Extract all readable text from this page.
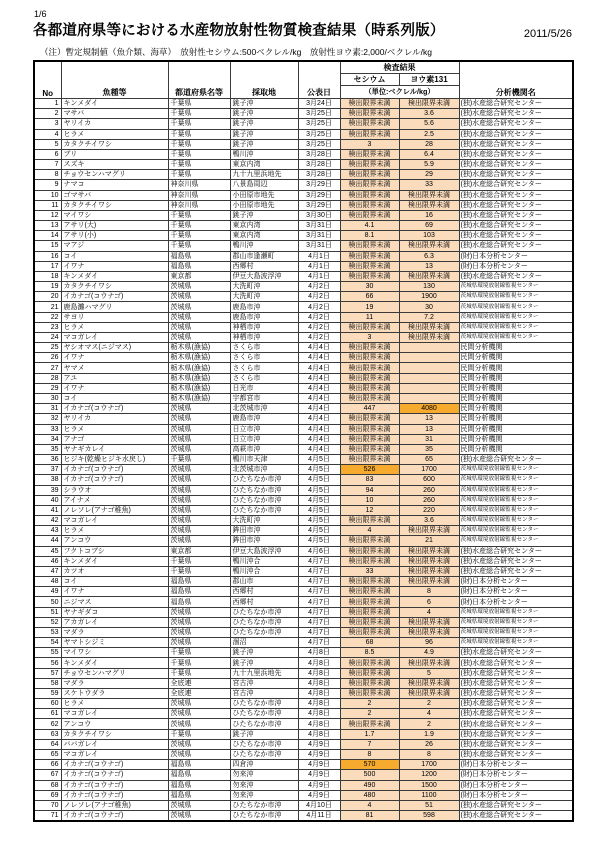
1/6
各都道府県等における水産物放射性物質検査結果（時系列版）	2011/5/26
（注）暫定規制値（魚介類、海草）　放射性セシウム:500ベクレル/kg　放射性ヨウ素:2,000/ベクレル/kg
No	魚種等	都道府県名等	採取地	公表日	検査結果		分析機関名
					セシウム	ヨウ素131	
					（単位:ベクレル/kg）		
1	キンメダイ	千葉県	銚子沖	3月24日	検出限界未満	検出限界未満	(独)水産総合研究センター
2	マサバ	千葉県	銚子沖	3月25日	検出限界未満	3.6	(独)水産総合研究センター
3	ヤリイカ	千葉県	銚子沖	3月25日	検出限界未満	5.6	(独)水産総合研究センター
4	ヒラメ	千葉県	銚子沖	3月25日	検出限界未満	2.5	(独)水産総合研究センター
5	カタクチイワシ	千葉県	銚子沖	3月25日	3	28	(独)水産総合研究センター
6	ブリ	千葉県	鴨川沖	3月28日	検出限界未満	6.4	(独)水産総合研究センター
7	スズキ	千葉県	東京内湾	3月28日	検出限界未満	5.9	(独)水産総合研究センター
8	チョウセンハマグリ	千葉県	九十九里浜地先	3月28日	検出限界未満	29	(独)水産総合研究センター
9	ナマコ	神奈川県	八景島周辺	3月29日	検出限界未満	33	(独)水産総合研究センター
10	ゴマサバ	神奈川県	小田原市地先	3月29日	検出限界未満	検出限界未満	(独)水産総合研究センター
11	カタクチイワシ	神奈川県	小田原市地先	3月29日	検出限界未満	検出限界未満	(独)水産総合研究センター
12	マイワシ	千葉県	銚子沖	3月30日	検出限界未満	16	(独)水産総合研究センター
13	アサリ(大)	千葉県	東京内湾	3月31日	4.1	69	(独)水産総合研究センター
14	アサリ(小)	千葉県	東京内湾	3月31日	8.1	103	(独)水産総合研究センター
15	マアジ	千葉県	鴨川沖	3月31日	検出限界未満	検出限界未満	(独)水産総合研究センター
16	コイ	福島県	郡山市逢瀬町	4月1日	検出限界未満	6.3	(財)日本分析センター
17	イワナ	福島県	西郷村	4月1日	検出限界未満	13	(財)日本分析センター
18	キンメダイ	東京都	伊豆大島波浮沖	4月1日	検出限界未満	検出限界未満	(独)水産総合研究センター
19	カタクチイワシ	茨城県	大洗町沖	4月2日	30	130	茨城県環境放射線監視センター
20	イカナゴ(コウナゴ)	茨城県	大洗町沖	4月2日	66	1900	茨城県環境放射線監視センター
21	鹿島灘ハマグリ	茨城県	鹿島市沖	4月2日	19	30	茨城県環境放射線監視センター
22	サヨリ	茨城県	鹿島市沖	4月2日	11	7.2	茨城県環境放射線監視センター
23	ヒラメ	茨城県	神栖市沖	4月2日	検出限界未満	検出限界未満	茨城県環境放射線監視センター
24	マコガレイ	茨城県	神栖市沖	4月2日	3	検出限界未満	茨城県環境放射線監視センター
25	ヤシオマス(ニジマス)	栃木県(漁協)	さくら市	4月4日	検出限界未満		民間分析機関
26	イワナ	栃木県(漁協)	さくら市	4月4日	検出限界未満		民間分析機関
27	ヤマメ	栃木県(漁協)	さくら市	4月4日	検出限界未満		民間分析機関
28	アユ	栃木県(漁協)	さくら市	4月4日	検出限界未満		民間分析機関
29	イワナ	栃木県(漁協)	日光市	4月4日	検出限界未満		民間分析機関
30	コイ	栃木県(漁協)	宇都宮市	4月4日	検出限界未満		民間分析機関
31	イカナゴ(コウナゴ)	茨城県	北茨城市沖	4月4日	447	4080	民間分析機関
32	ヤリイカ	茨城県	鹿島市沖	4月4日	検出限界未満	13	民間分析機関
33	ヒラメ	茨城県	日立市沖	4月4日	検出限界未満	13	民間分析機関
34	アナゴ	茨城県	日立市沖	4月4日	検出限界未満	31	民間分析機関
35	ヤナギカレイ	茨城県	高萩市沖	4月4日	検出限界未満	35	民間分析機関
36	ヒジキ(乾燥ヒジキ水戻し)	千葉県	鴨川市天津	4月5日	検出限界未満	65	(独)水産総合研究センター
37	イカナゴ(コウナゴ)	茨城県	北茨城市沖	4月5日	526	1700	茨城県環境放射線監視センター
38	イカナゴ(コウナゴ)	茨城県	ひたちなか市沖	4月5日	83	600	茨城県環境放射線監視センター
39	シラウオ	茨城県	ひたちなか市沖	4月5日	94	260	茨城県環境放射線監視センター
40	アイナメ	茨城県	ひたちなか市沖	4月5日	10	260	茨城県環境放射線監視センター
41	ノレソレ(アナゴ稚魚)	茨城県	ひたちなか市沖	4月5日	12	220	茨城県環境放射線監視センター
42	マコガレイ	茨城県	大洗町沖	4月5日	検出限界未満	3.6	茨城県環境放射線監視センター
43	ヒラメ	茨城県	鉾田市沖	4月5日	4	検出限界未満	茨城県環境放射線監視センター
44	アンコウ	茨城県	鉾田市沖	4月5日	検出限界未満	21	茨城県環境放射線監視センター
45	フクトコブシ	東京都	伊豆大島波浮沖	4月6日	検出限界未満	検出限界未満	(独)水産総合研究センター
46	キンメダイ	千葉県	鴨川沖合	4月7日	検出限界未満	検出限界未満	(独)水産総合研究センター
47	カツオ	千葉県	鴨川沖合	4月7日	33	検出限界未満	(独)水産総合研究センター
48	コイ	福島県	郡山市	4月7日	検出限界未満	検出限界未満	(財)日本分析センター
49	イワナ	福島県	西郷村	4月7日	検出限界未満	8	(財)日本分析センター
50	ニジマス	福島県	西郷村	4月7日	検出限界未満	6	(財)日本分析センター
51	ヤナギダコ	茨城県	ひたちなか市沖	4月7日	検出限界未満	4	茨城県環境放射線監視センター
52	アカガレイ	茨城県	ひたちなか市沖	4月7日	検出限界未満	検出限界未満	茨城県環境放射線監視センター
53	マダラ	茨城県	ひたちなか市沖	4月7日	検出限界未満	検出限界未満	茨城県環境放射線監視センター
54	ヤマトシジミ	茨城県	涸沼	4月7日	68	96	茨城県環境放射線監視センター
55	マイワシ	千葉県	銚子沖	4月8日	8.5	4.9	(独)水産総合研究センター
56	キンメダイ	千葉県	銚子沖	4月8日	検出限界未満	検出限界未満	(独)水産総合研究センター
57	チョウセンハマグリ	千葉県	九十九里浜地先	4月8日	検出限界未満	5	(独)水産総合研究センター
58	マダラ	全底連	宮古沖	4月8日	検出限界未満	検出限界未満	(独)水産総合研究センター
59	スケトウダラ	全底連	宮古沖	4月8日	検出限界未満	検出限界未満	(独)水産総合研究センター
60	ヒラメ	茨城県	ひたちなか市沖	4月8日	2	2	(独)水産総合研究センター
61	マコガレイ	茨城県	ひたちなか市沖	4月8日	2	4	(独)水産総合研究センター
62	アンコウ	茨城県	ひたちなか市沖	4月8日	検出限界未満	2	(独)水産総合研究センター
63	カタクチイワシ	千葉県	銚子沖	4月8日	1.7	1.9	(独)水産総合研究センター
64	ババガレイ	茨城県	ひたちなか市沖	4月9日	7	26	(独)水産総合研究センター
65	マコガレイ	茨城県	ひたちなか市沖	4月9日	8	8	(独)水産総合研究センター
66	イカナゴ(コウナゴ)	福島県	四倉沖	4月9日	570	1700	(財)日本分析センター
67	イカナゴ(コウナゴ)	福島県	勿来沖	4月9日	500	1200	(財)日本分析センター
68	イカナゴ(コウナゴ)	福島県	勿来沖	4月9日	490	1500	(財)日本分析センター
69	イカナゴ(コウナゴ)	福島県	勿来沖	4月9日	480	1100	(財)日本分析センター
70	ノレソレ(アナゴ稚魚)	茨城県	ひたちなか市沖	4月10日	4	51	(独)水産総合研究センター
71	イカナゴ(コウナゴ)	茨城県	ひたちなか市沖	4月11日	81	598	(独)水産総合研究センター
